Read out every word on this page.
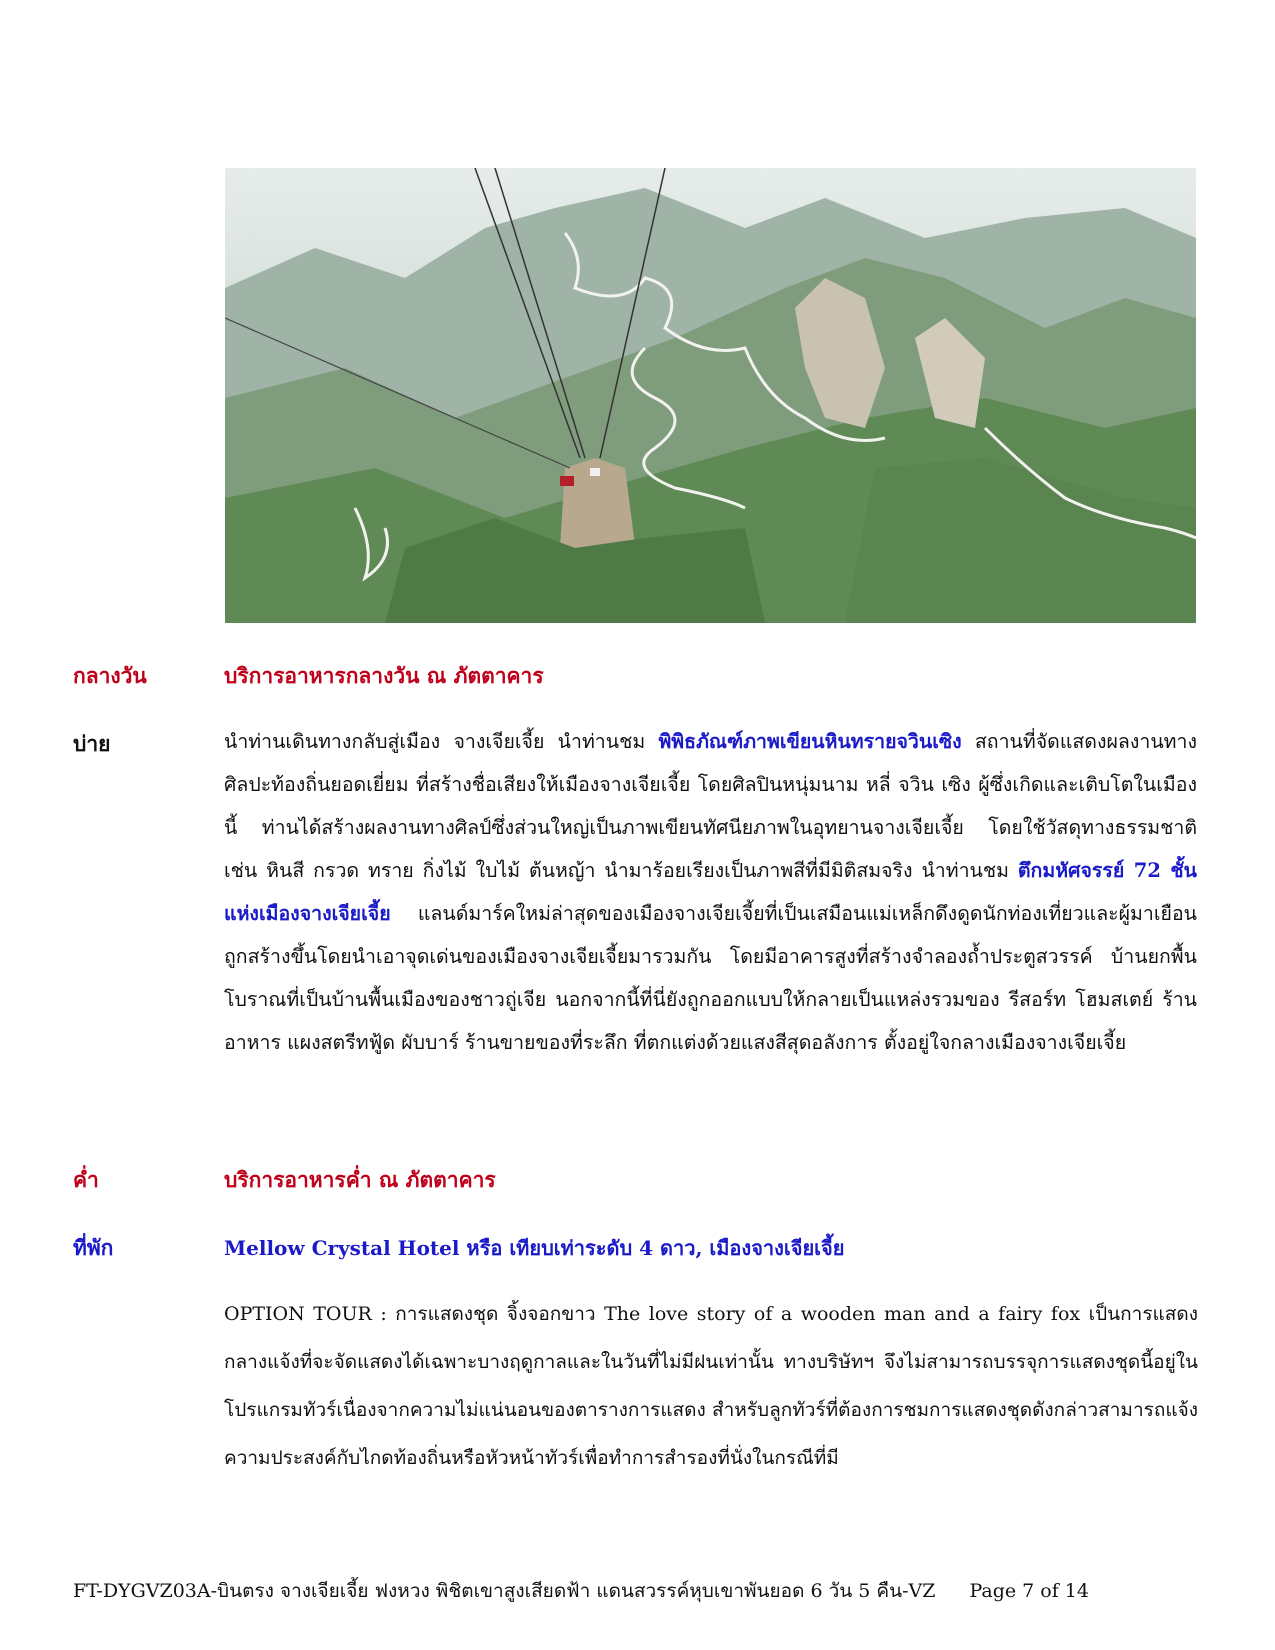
กลางวัน	บริการอาหารกลางวัน ณ ภัตตาคาร
บ่าย	นำท่านเดินทางกลับสู่เมือง จางเจียเจี้ย นำท่านชม พิพิธภัณฑ์ภาพเขียนหินทรายจวินเซิง สถานที่จัดแสดงผลงานทางศิลปะท้องถิ่นยอดเยี่ยม ที่สร้างชื่อเสียงให้เมืองจางเจียเจี้ย โดยศิลปินหนุ่มนาม หลี่ จวิน เซิง ผู้ซึ่งเกิดและเติบโตในเมืองนี้ ท่านได้สร้างผลงานทางศิลป์ซึ่งส่วนใหญ่เป็นภาพเขียนทัศนียภาพในอุทยานจางเจียเจี้ย โดยใช้วัสดุทางธรรมชาติ เช่น หินสี กรวด ทราย กิ่งไม้ ใบไม้ ต้นหญ้า นำมาร้อยเรียงเป็นภาพสีที่มีมิติสมจริง นำท่านชม ตึกมหัศจรรย์ 72 ชั้นแห่งเมืองจางเจียเจี้ย แลนด์มาร์คใหม่ล่าสุดของเมืองจางเจียเจี้ยที่เป็นเสมือนแม่เหล็กดึงดูดนักท่องเที่ยวและผู้มาเยือน ถูกสร้างขึ้นโดยนำเอาจุดเด่นของเมืองจางเจียเจี้ยมารวมกัน โดยมีอาคารสูงที่สร้างจำลองถ้ำประตูสวรรค์ บ้านยกพื้นโบราณที่เป็นบ้านพื้นเมืองของชาวถู่เจีย นอกจากนี้ที่นี่ยังถูกออกแบบให้กลายเป็นแหล่งรวมของ รีสอร์ท โฮมสเตย์ ร้านอาหาร แผงสตรีทฟู้ด ผับบาร์ ร้านขายของที่ระลึก ที่ตกแต่งด้วยแสงสีสุดอลังการ ตั้งอยู่ใจกลางเมืองจางเจียเจี้ย
ค่ำ	บริการอาหารค่ำ ณ ภัตตาคาร
ที่พัก	Mellow Crystal Hotel หรือ เทียบเท่าระดับ 4 ดาว, เมืองจางเจียเจี้ย
OPTION TOUR : การแสดงชุด จิ้งจอกขาว The love story of a wooden man and a fairy fox เป็นการแสดงกลางแจ้งที่จะจัดแสดงได้เฉพาะบางฤดูกาลและในวันที่ไม่มีฝนเท่านั้น ทางบริษัทฯ จึงไม่สามารถบรรจุการแสดงชุดนี้อยู่ใน โปรแกรมทัวร์เนื่องจากความไม่แน่นอนของตารางการแสดง สำหรับลูกทัวร์ที่ต้องการชมการแสดงชุดดังกล่าวสามารถแจ้งความประสงค์กับไกดท้องถิ่นหรือหัวหน้าทัวร์เพื่อทำการสำรองที่นั่งในกรณีที่มี
FT-DYGVZ03A-บินตรง จางเจียเจี้ย ฟงหวง พิชิตเขาสูงเสียดฟ้า แดนสวรรค์หุบเขาพันยอด 6 วัน 5 คืน-VZ Page 7 of 14
